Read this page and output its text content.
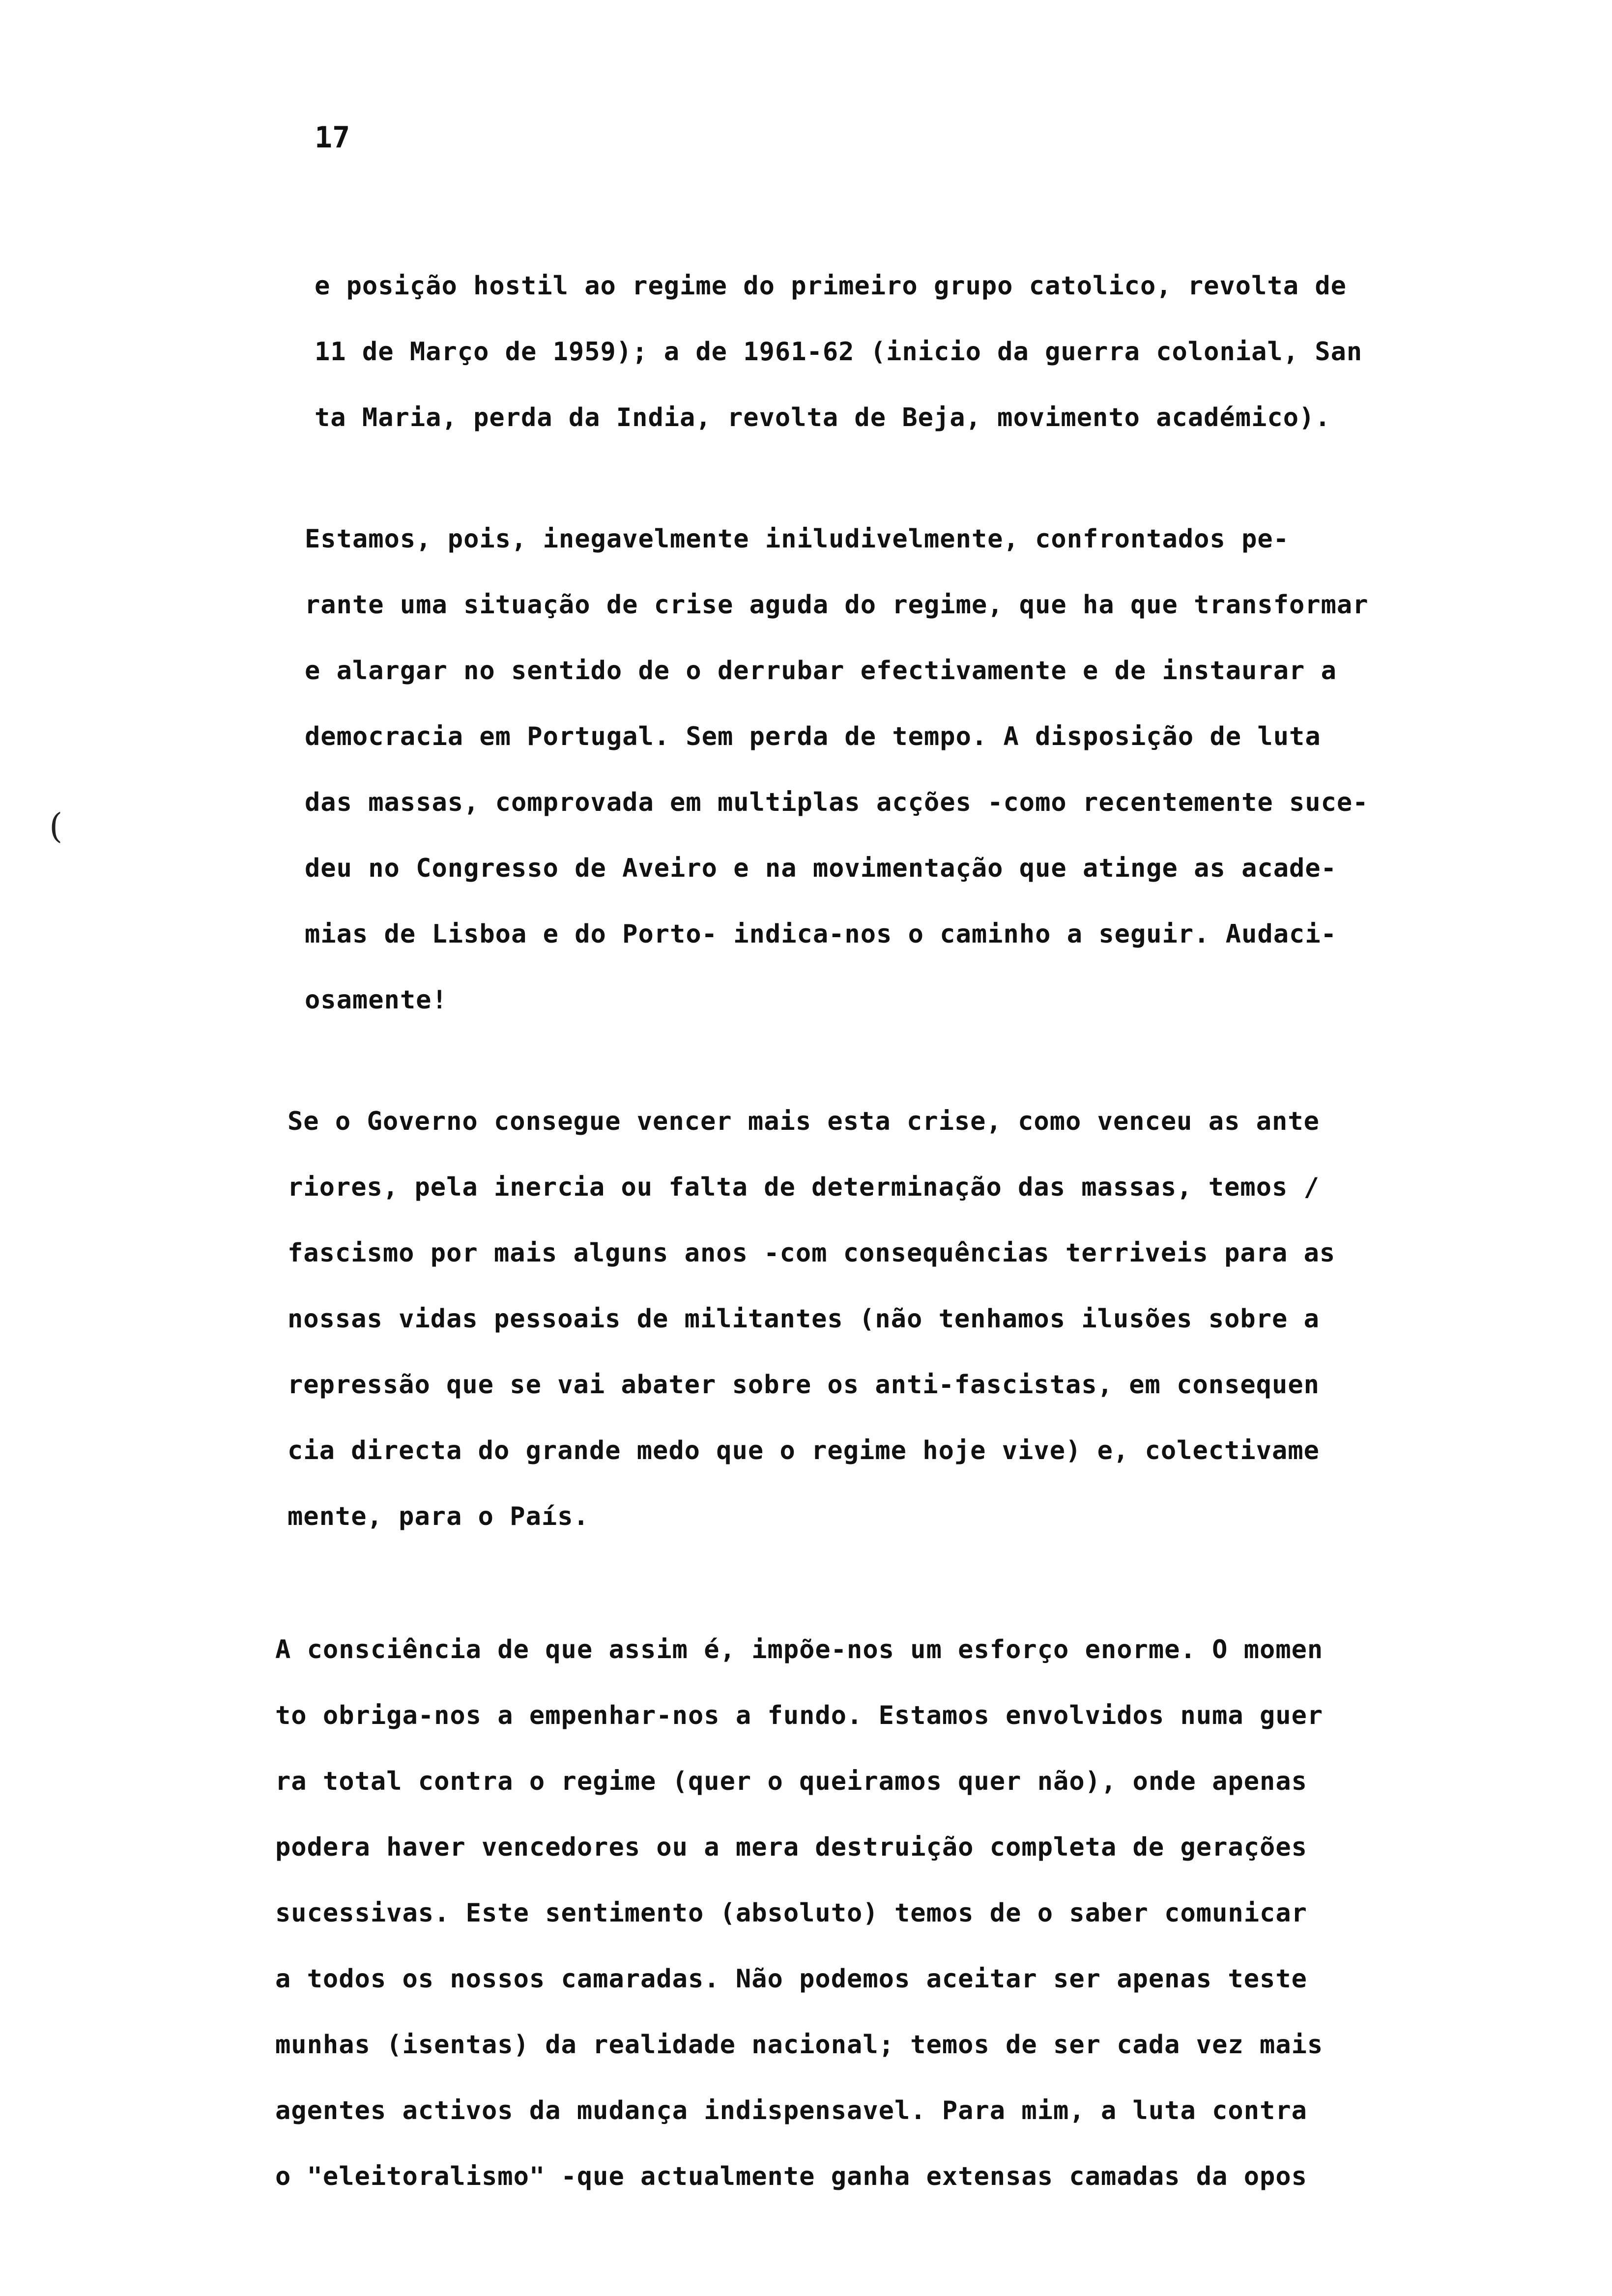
17
(
e posição hostil ao regime do primeiro grupo catolico, revolta de
11 de Março de 1959); a de 1961-62 (inicio da guerra colonial, San
ta Maria, perda da India, revolta de Beja, movimento académico).
Estamos, pois, inegavelmente iniludivelmente, confrontados pe-
rante uma situação de crise aguda do regime, que ha que transformar
e alargar no sentido de o derrubar efectivamente e de instaurar a
democracia em Portugal. Sem perda de tempo. A disposição de luta
das massas, comprovada em multiplas acções -como recentemente suce-
deu no Congresso de Aveiro e na movimentação que atinge as acade-
mias de Lisboa e do Porto- indica-nos o caminho a seguir. Audaci-
osamente!
Se o Governo consegue vencer mais esta crise, como venceu as ante
riores, pela inercia ou falta de determinação das massas, temos /
fascismo por mais alguns anos -com consequências terriveis para as
nossas vidas pessoais de militantes (não tenhamos ilusões sobre a
repressão que se vai abater sobre os anti-fascistas, em consequen
cia directa do grande medo que o regime hoje vive) e, colectivame
mente, para o País.
A consciência de que assim é, impõe-nos um esforço enorme. O momen
to obriga-nos a empenhar-nos a fundo. Estamos envolvidos numa guer
ra total contra o regime (quer o queiramos quer não), onde apenas
podera haver vencedores ou a mera destruição completa de gerações
sucessivas. Este sentimento (absoluto) temos de o saber comunicar
a todos os nossos camaradas. Não podemos aceitar ser apenas teste
munhas (isentas) da realidade nacional; temos de ser cada vez mais
agentes activos da mudança indispensavel. Para mim, a luta contra
o "eleitoralismo" -que actualmente ganha extensas camadas da opos
